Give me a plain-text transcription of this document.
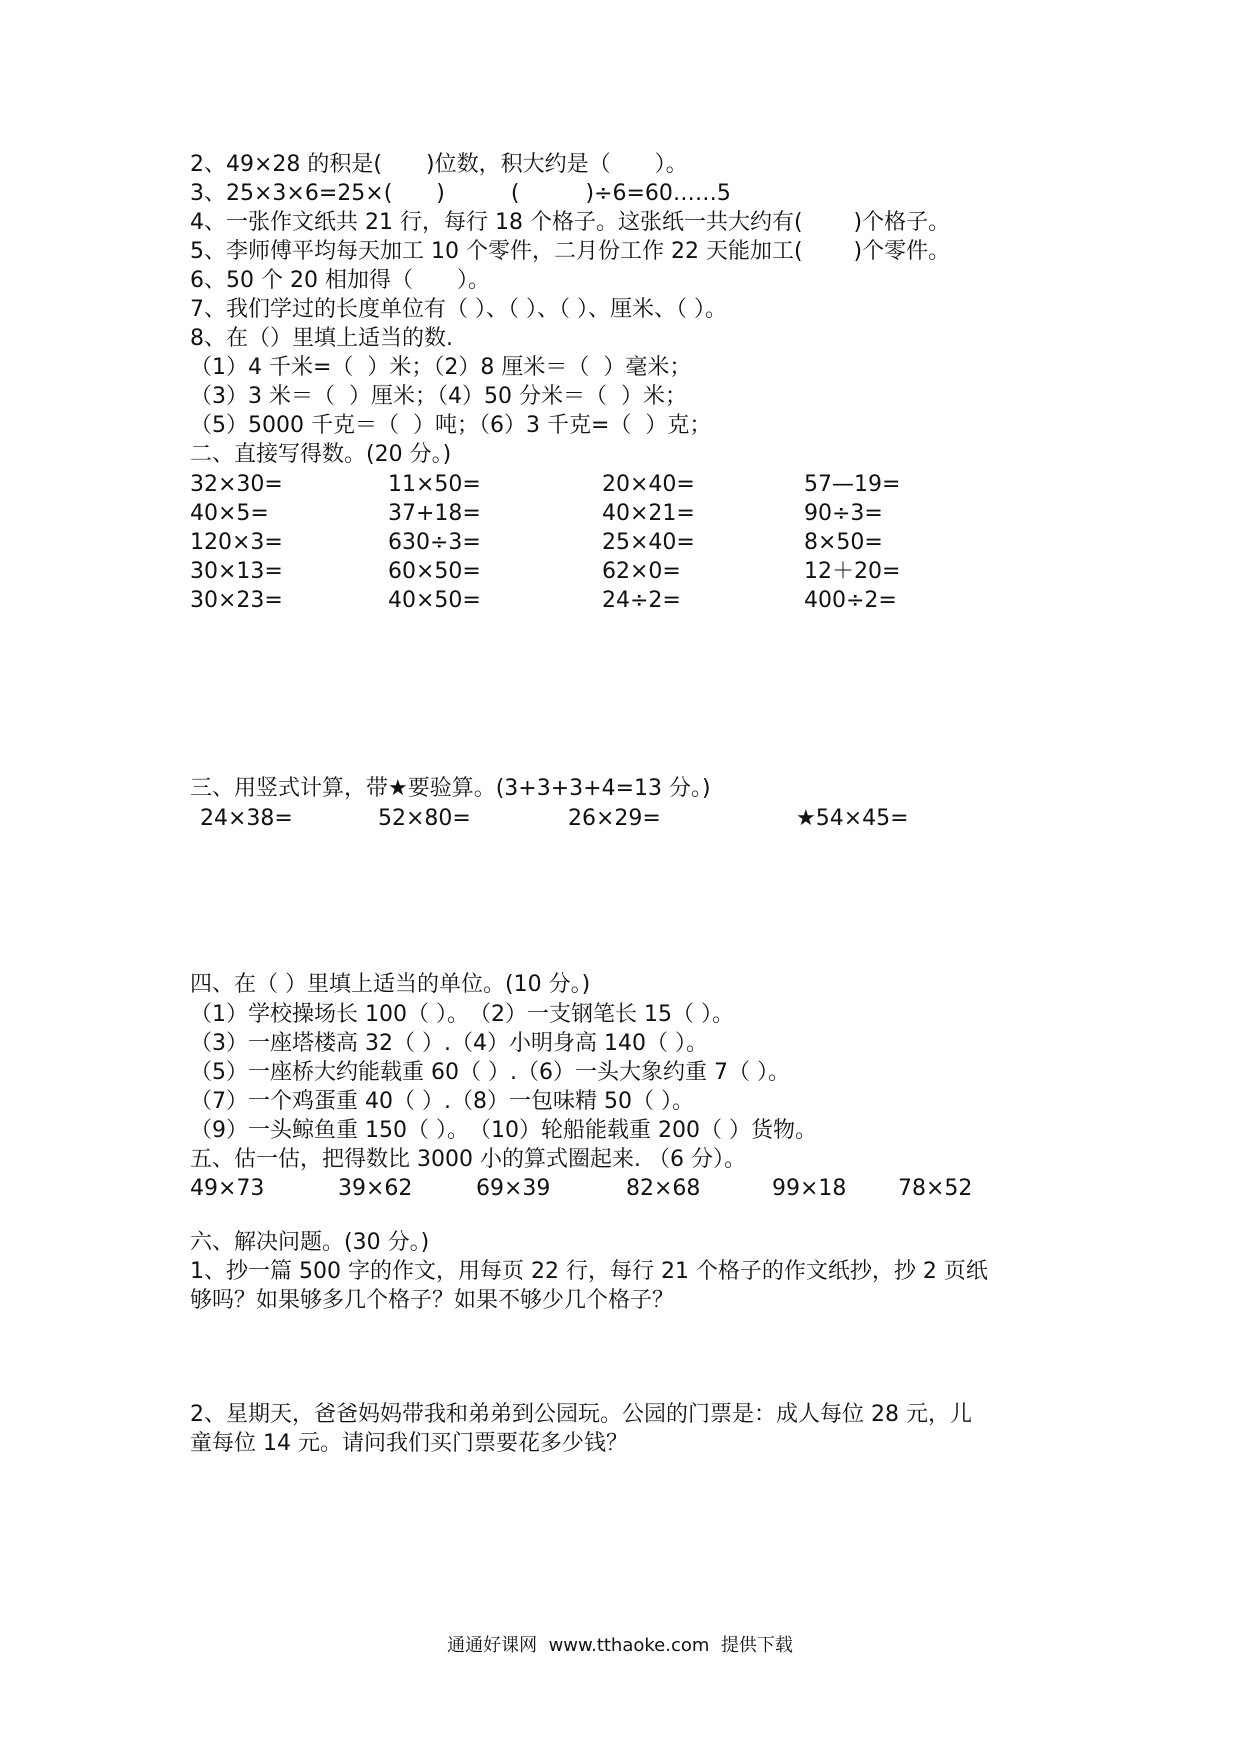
2、49×28 的积是(　　)位数，积大约是（　　）。
3、25×3×6=25×(　　)　　　(　　　)÷6=60……5
4、一张作文纸共 21 行，每行 18 个格子。这张纸一共大约有(　　 )个格子。
5、李师傅平均每天加工 10 个零件，二月份工作 22 天能加工(　　 )个零件。
6、50 个 20 相加得（　　）。
7、我们学过的长度单位有（ ）、（ ）、（ ）、厘米、（ ）。
8、在（）里填上适当的数.
（1）4 千米=（  ）米；（2）8 厘米＝（  ）毫米；
（3）3 米＝（  ）厘米；（4）50 分米＝（  ）米；
（5）5000 千克＝（  ）吨；（6）3 千克=（  ）克；
二、直接写得数。(20 分。)
32×30=	11×50=	20×40=	57—19=
40×5=	37+18=	40×21=	90÷3=
120×3=	630÷3=	25×40=	8×50=
30×13=	60×50=	62×0=	12＋20=
30×23=	40×50=	24÷2=	400÷2=
三、用竖式计算，带★要验算。(3+3+3+4=13 分。)
24×38=	52×80=	26×29=	★54×45=
四、在（ ）里填上适当的单位。(10 分。)
（1）学校操场长 100（ ）。　（2）一支钢笔长 15（ ）。
（3）一座塔楼高 32（ ）.（4）小明身高 140（ ）。
（5）一座桥大约能载重 60（ ）.（6）一头大象约重 7（ ）。
（7）一个鸡蛋重 40（ ）.（8）一包味精 50（ ）。
（9）一头鲸鱼重 150（ ）。　（10）轮船能载重 200（ ）货物。
五、估一估，把得数比 3000 小的算式圈起来. （6 分）。
49×73	39×62	69×39	82×68	99×18 78×52
六、解决问题。(30 分。)
1、抄一篇 500 字的作文，用每页 22 行，每行 21 个格子的作文纸抄，抄 2 页纸
够吗？如果够多几个格子？如果不够少几个格子？
2、星期天，爸爸妈妈带我和弟弟到公园玩。公园的门票是：成人每位 28 元，儿
童每位 14 元。请问我们买门票要花多少钱？
通通好课网  www.tthaoke.com  提供下载
